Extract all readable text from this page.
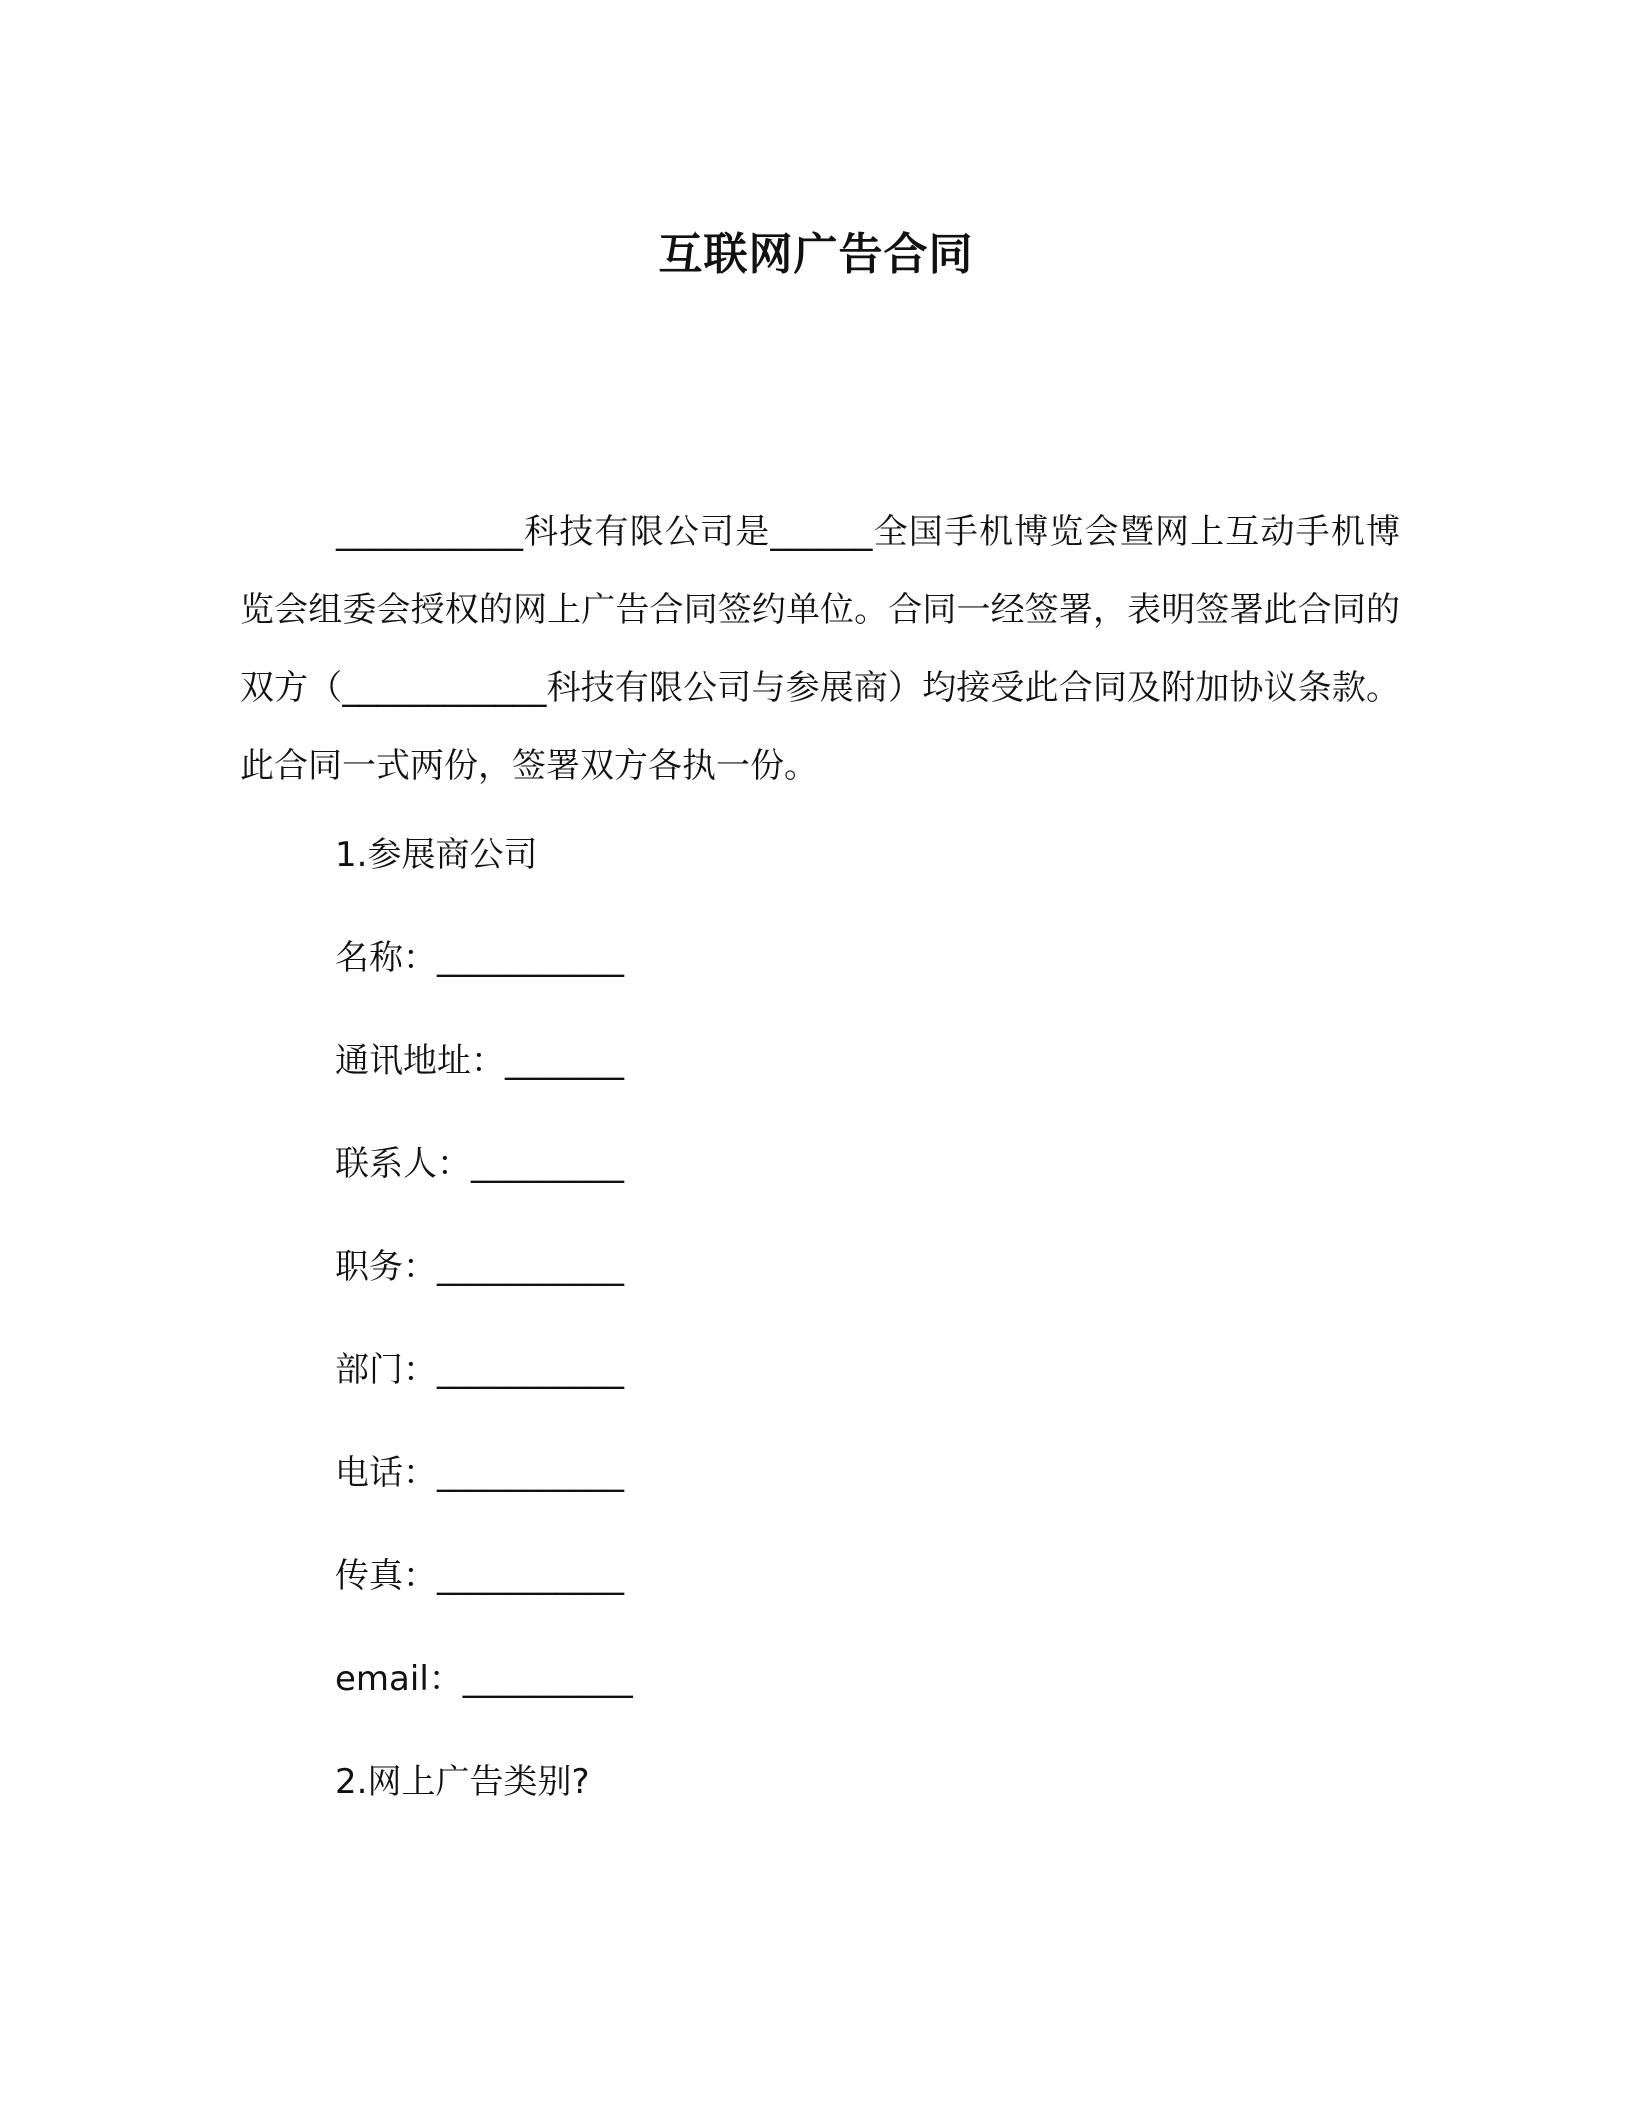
互联网广告合同

___________科技有限公司是______全国手机博览会暨网上互动手机博览会组委会授权的网上广告合同签约单位。合同一经签署，表明签署此合同的双方（____________科技有限公司与参展商）均接受此合同及附加协议条款。此合同一式两份，签署双方各执一份。

1.参展商公司

名称：___________
通讯地址：_______
联系人：_________
职务：___________
部门：___________
电话：___________
传真：___________
email：__________

2.网上广告类别?
